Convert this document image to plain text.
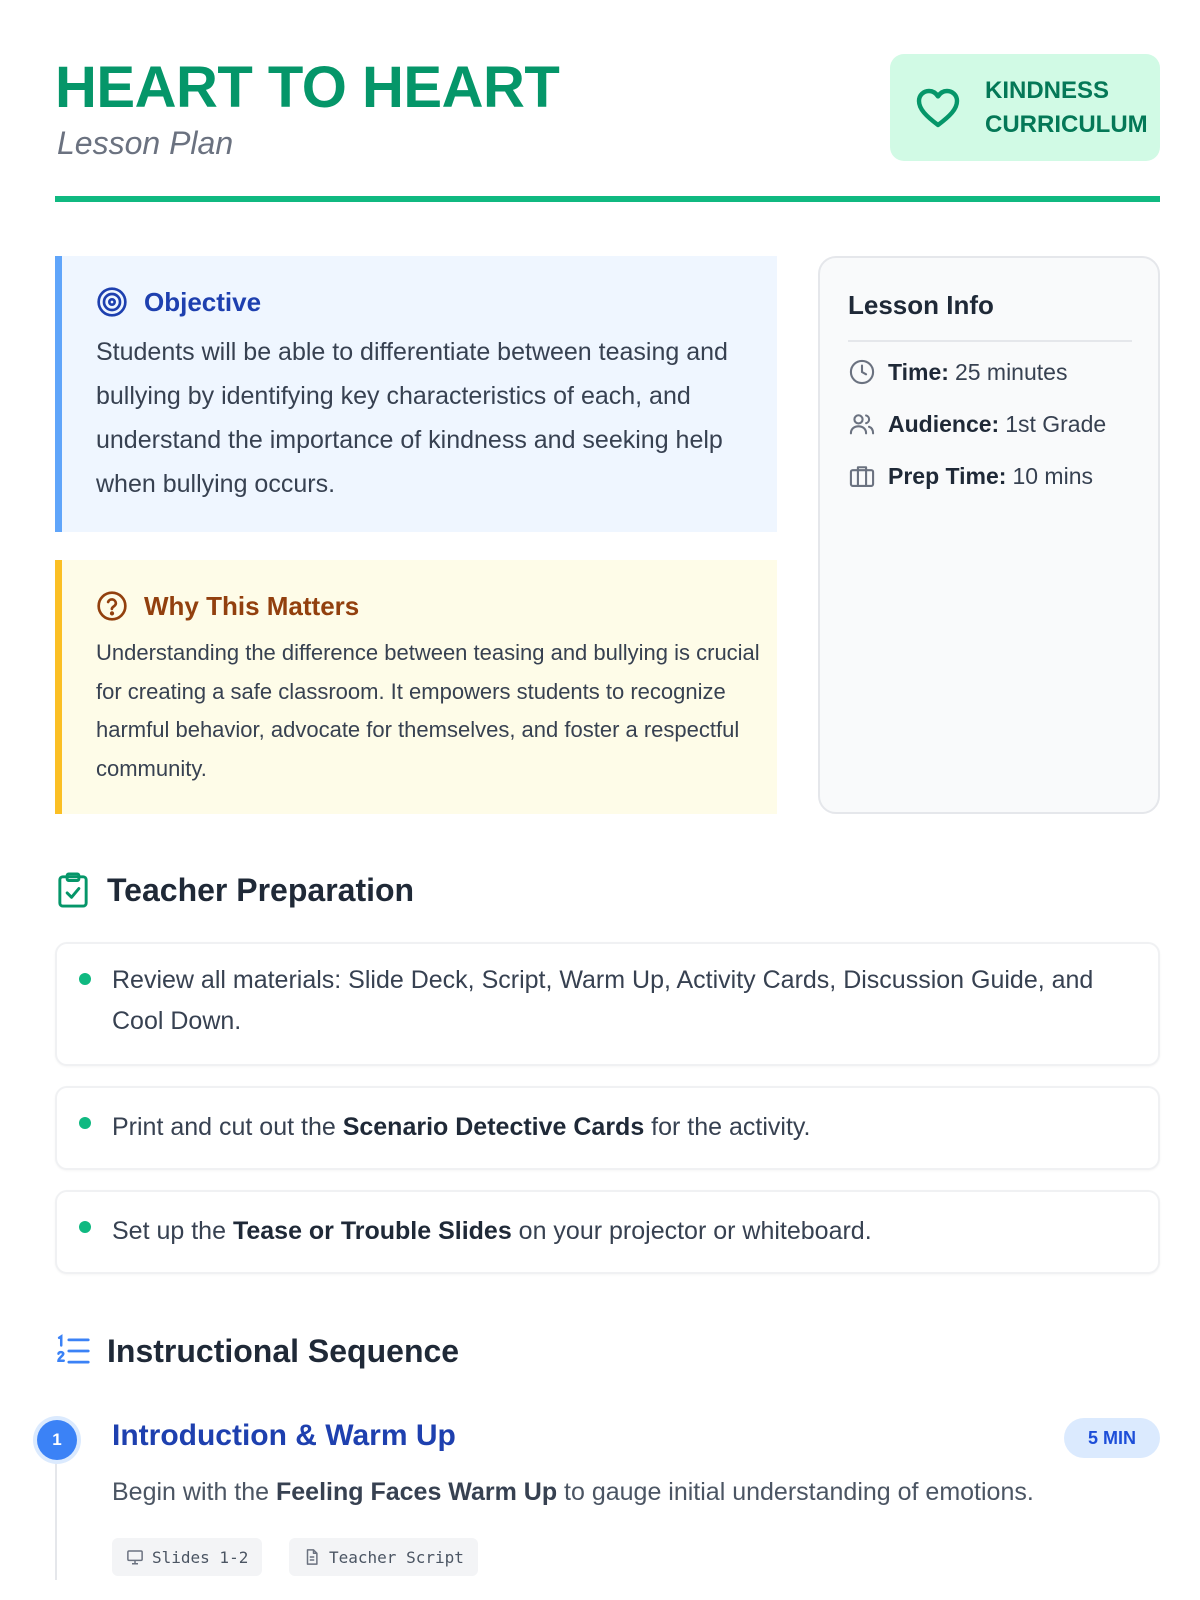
HEART TO HEART
Lesson Plan
KINDNESS
CURRICULUM
Objective
Students will be able to differentiate between teasing and bullying by identifying key characteristics of each, and understand the importance of kindness and seeking help when bullying occurs.
Why This Matters
Understanding the difference between teasing and bullying is crucial for creating a safe classroom. It empowers students to recognize harmful behavior, advocate for themselves, and foster a respectful community.
Lesson Info
Time: 25 minutes
Audience: 1st Grade
Prep Time: 10 mins
Teacher Preparation
Review all materials: Slide Deck, Script, Warm Up, Activity Cards, Discussion Guide, and Cool Down.
Print and cut out the Scenario Detective Cards for the activity.
Set up the Tease or Trouble Slides on your projector or whiteboard.
Instructional Sequence
1	Introduction & Warm Up	5 MIN
Begin with the Feeling Faces Warm Up to gauge initial understanding of emotions.
Slides 1-2	Teacher Script
